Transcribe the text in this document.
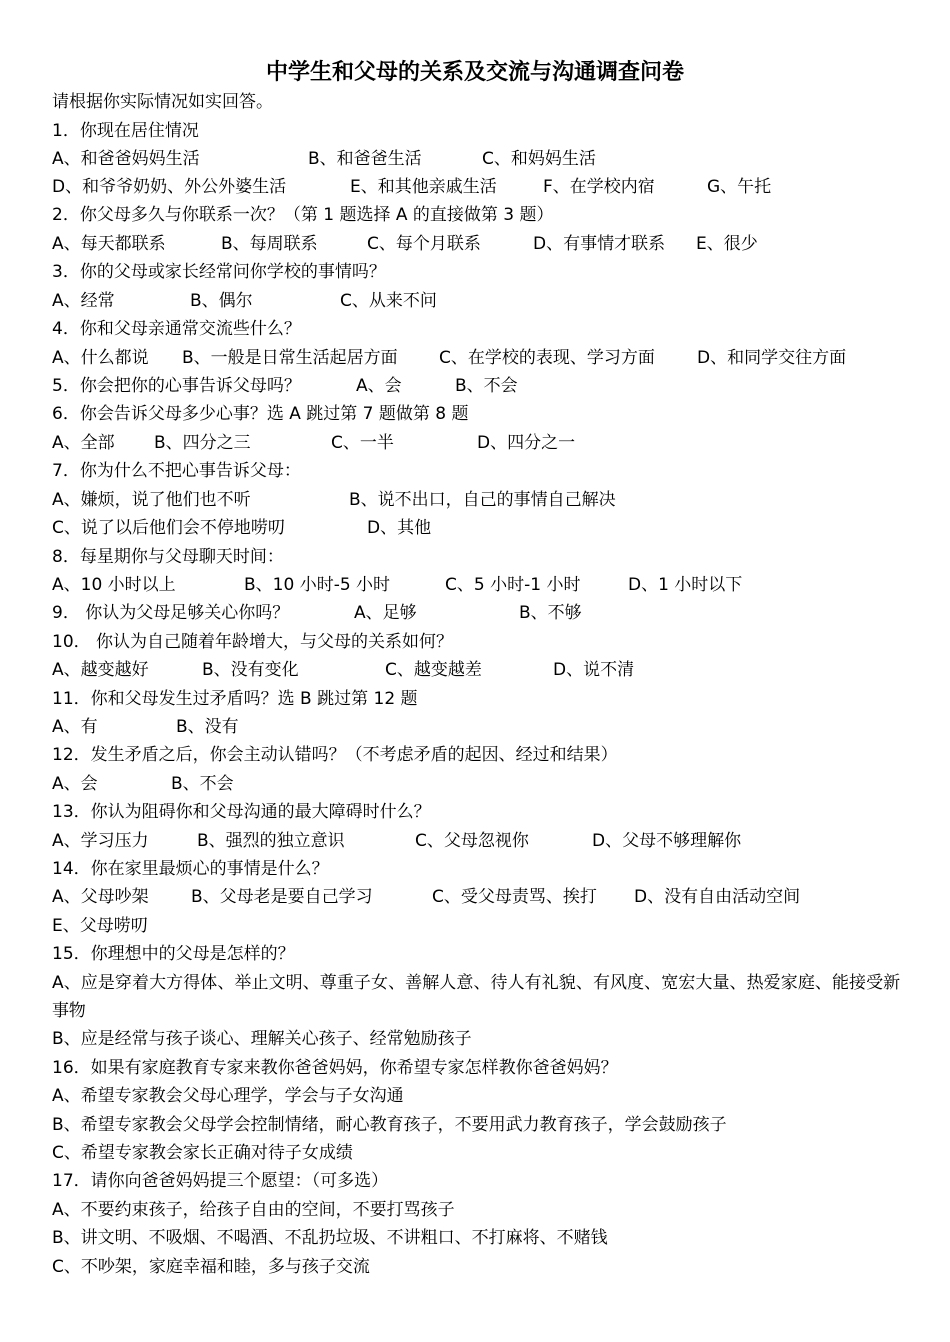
中学生和父母的关系及交流与沟通调查问卷
请根据你实际情况如实回答。
1．你现在居住情况
A、和爸爸妈妈生活	B、和爸爸生活	C、和妈妈生活
D、和爷爷奶奶、外公外婆生活	E、和其他亲戚生活	F、在学校内宿	G、午托
2．你父母多久与你联系一次？（第 1 题选择 A 的直接做第 3 题）
A、每天都联系	B、每周联系	C、每个月联系	D、有事情才联系 E、很少
3．你的父母或家长经常问你学校的事情吗？
A、经常	B、偶尔	C、从来不问
4．你和父母亲通常交流些什么？
A、什么都说 B、一般是日常生活起居方面 C、在学校的表现、学习方面 D、和同学交往方面
5．你会把你的心事告诉父母吗？	A、会	B、不会
6．你会告诉父母多少心事？选 A 跳过第 7 题做第 8 题
A、全部 B、四分之三	C、一半	D、四分之一
7．你为什么不把心事告诉父母：
A、嫌烦，说了他们也不听	B、说不出口，自己的事情自己解决
C、说了以后他们会不停地唠叨	D、其他
8．每星期你与父母聊天时间：
A、10 小时以上	B、10 小时-5 小时	C、5 小时-1 小时	D、1 小时以下
9． 你认为父母足够关心你吗？	A、足够	B、不够
10． 你认为自己随着年龄增大，与父母的关系如何？
A、越变越好	B、没有变化	C、越变越差	D、说不清
11．你和父母发生过矛盾吗？选 B 跳过第 12 题
A、有	B、没有
12．发生矛盾之后，你会主动认错吗？（不考虑矛盾的起因、经过和结果）
A、会	B、不会
13．你认为阻碍你和父母沟通的最大障碍时什么？
A、学习压力	B、强烈的独立意识	C、父母忽视你	D、父母不够理解你
14．你在家里最烦心的事情是什么？
A、父母吵架 B、父母老是要自己学习	C、受父母责骂、挨打 D、没有自由活动空间
E、父母唠叨
15．你理想中的父母是怎样的？
A、应是穿着大方得体、举止文明、尊重子女、善解人意、待人有礼貌、有风度、宽宏大量、热爱家庭、能接受新事物
B、应是经常与孩子谈心、理解关心孩子、经常勉励孩子
16．如果有家庭教育专家来教你爸爸妈妈，你希望专家怎样教你爸爸妈妈？
A、希望专家教会父母心理学，学会与子女沟通
B、希望专家教会父母学会控制情绪，耐心教育孩子，不要用武力教育孩子，学会鼓励孩子
C、希望专家教会家长正确对待子女成绩
17．请你向爸爸妈妈提三个愿望：（可多选）
A、不要约束孩子，给孩子自由的空间，不要打骂孩子
B、讲文明、不吸烟、不喝酒、不乱扔垃圾、不讲粗口、不打麻将、不赌钱
C、不吵架，家庭幸福和睦，多与孩子交流
